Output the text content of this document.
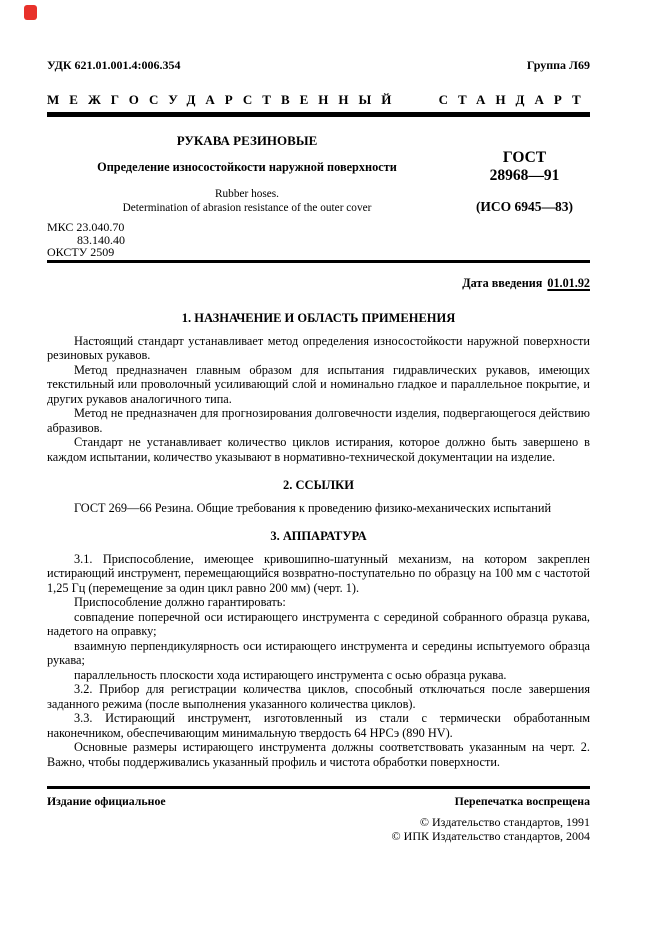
УДК 621.01.001.4:006.354	Группа Л69
МЕЖГОСУДАРСТВЕННЫЙ СТАНДАРТ

РУКАВА РЕЗИНОВЫЕ

Определение износостойкости наружной поверхности

Rubber hoses.

Determination of abrasion resistance of the outer cover

ГОСТ

28968—91

(ИСО 6945—83)

МКС 23.040.70
83.140.40
ОКСТУ 2509
Дата введения 01.01.92
1. НАЗНАЧЕНИЕ И ОБЛАСТЬ ПРИМЕНЕНИЯ

Настоящий стандарт устанавливает метод определения износостойкости наружной поверхности резиновых рукавов.

Метод предназначен главным образом для испытания гидравлических рукавов, имеющих текстильный или проволочный усиливающий слой и номинально гладкое и параллельное покрытие, и других рукавов аналогичного типа.

Метод не предназначен для прогнозирования долговечности изделия, подвергающегося действию абразивов.

Стандарт не устанавливает количество циклов истирания, которое должно быть завершено в каждом испытании, количество указывают в нормативно-технической документации на изделие.

2. ССЫЛКИ

ГОСТ 269—66 Резина. Общие требования к проведению физико-механических испытаний

3. АППАРАТУРА

3.1. Приспособление, имеющее кривошипно-шатунный механизм, на котором закреплен истирающий инструмент, перемещающийся возвратно-поступательно по образцу на 100 мм с частотой 1,25 Гц (перемещение за один цикл равно 200 мм) (черт. 1).

Приспособление должно гарантировать:

совпадение поперечной оси истирающего инструмента с серединой собранного образца рукава, надетого на оправку;

взаимную перпендикулярность оси истирающего инструмента и середины испытуемого образца рукава;

параллельность плоскости хода истирающего инструмента с осью образца рукава.

3.2. Прибор для регистрации количества циклов, способный отключаться после завершения заданного режима (после выполнения указанного количества циклов).

3.3. Истирающий инструмент, изготовленный из стали с термически обработанным наконечником, обеспечивающим минимальную твердость 64 НРСэ (890 HV).

Основные размеры истирающего инструмента должны соответствовать указанным на черт. 2. Важно, чтобы поддерживались указанный профиль и чистота обработки поверхности.

Издание официальное	Перепечатка воспрещена
© Издательство стандартов, 1991
© ИПК Издательство стандартов, 2004
